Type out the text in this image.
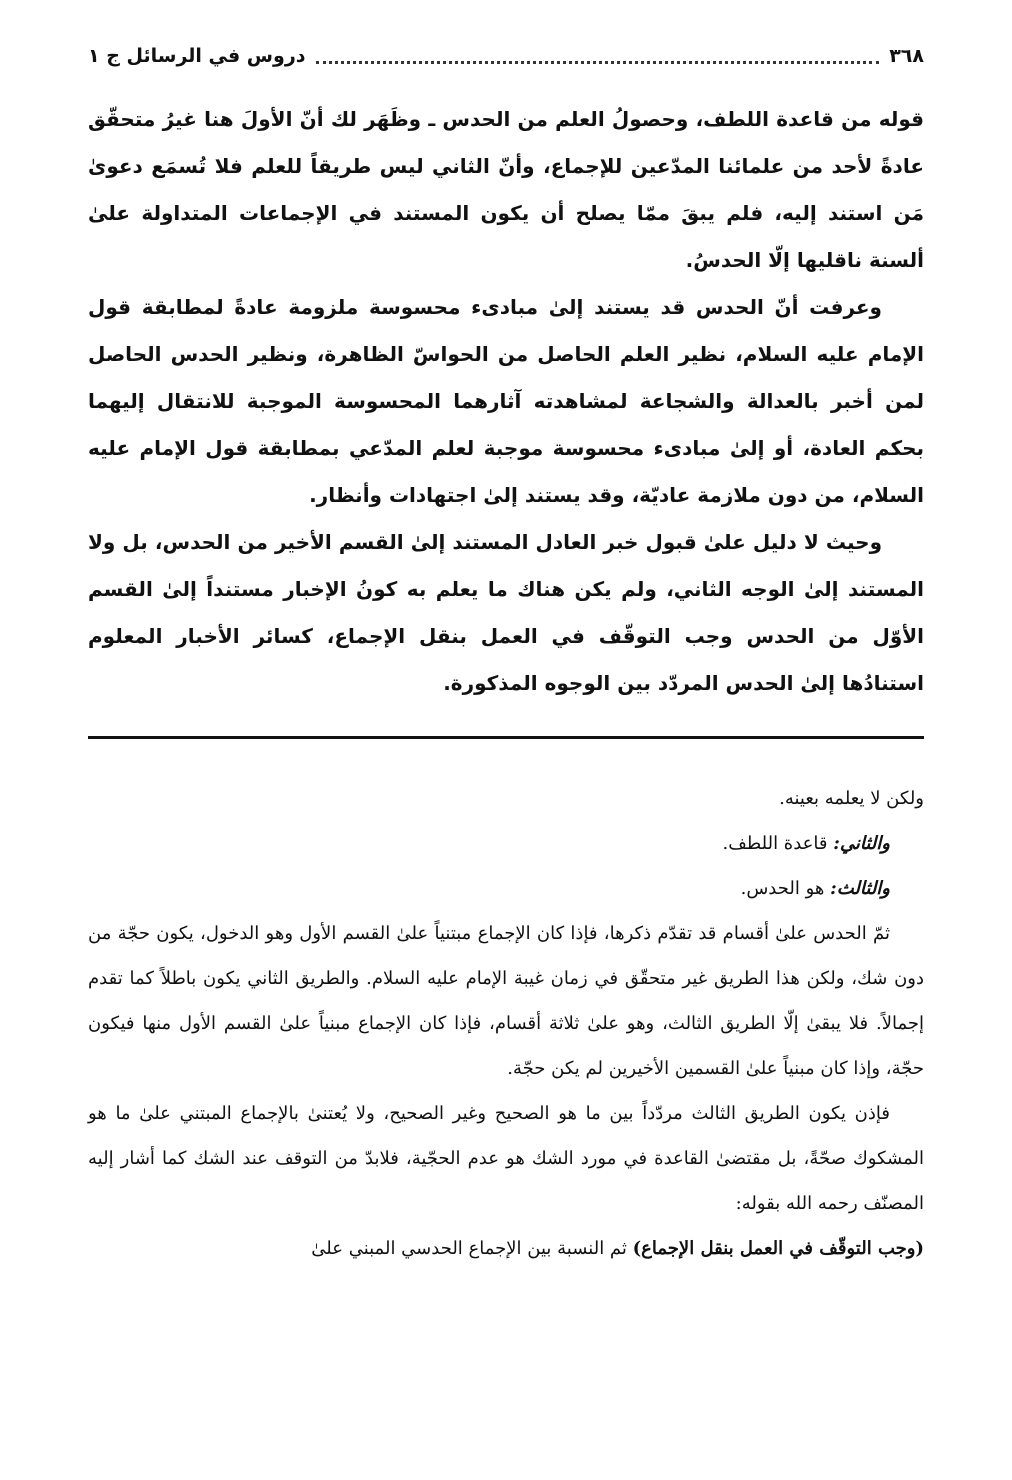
٣٦٨
دروس في الرسائل ج ١

قوله من قاعدة اللطف، وحصولُ العلم من الحدس ـ وظَهَر لك أنّ الأولَ هنا غيرُ متحقّق عادةً لأحد من علمائنا المدّعين للإجماع، وأنّ الثاني ليس طريقاً للعلم فلا تُسمَع دعوىٰ مَن استند إليه، فلم يبقَ ممّا يصلح أن يكون المستند في الإجماعات المتداولة علىٰ ألسنة ناقليها إلّا الحدسُ.

وعرفت أنّ الحدس قد يستند إلىٰ مبادىء محسوسة ملزومة عادةً لمطابقة قول الإمام عليه السلام، نظير العلم الحاصل من الحواسّ الظاهرة، ونظير الحدس الحاصل لمن أخبر بالعدالة والشجاعة لمشاهدته آثارهما المحسوسة الموجبة للانتقال إليهما بحكم العادة، أو إلىٰ مبادىء محسوسة موجبة لعلم المدّعي بمطابقة قول الإمام عليه السلام، من دون ملازمة عاديّة، وقد يستند إلىٰ اجتهادات وأنظار.

وحيث لا دليل علىٰ قبول خبر العادل المستند إلىٰ القسم الأخير من الحدس، بل ولا المستند إلىٰ الوجه الثاني، ولم يكن هناك ما يعلم به كونُ الإخبار مستنداً إلىٰ القسم الأوّل من الحدس وجب التوقّف في العمل بنقل الإجماع، كسائر الأخبار المعلوم استنادُها إلىٰ الحدس المردّد بين الوجوه المذكورة.

ولكن لا يعلمه بعينه.

والثاني: قاعدة اللطف.

والثالث: هو الحدس.

ثمّ الحدس علىٰ أقسام قد تقدّم ذكرها، فإذا كان الإجماع مبتنياً علىٰ القسم الأول وهو الدخول، يكون حجّة من دون شك، ولكن هذا الطريق غير متحقّق في زمان غيبة الإمام عليه السلام. والطريق الثاني يكون باطلاً كما تقدم إجمالاً. فلا يبقىٰ إلّا الطريق الثالث، وهو علىٰ ثلاثة أقسام، فإذا كان الإجماع مبنياً علىٰ القسم الأول منها فيكون حجّة، وإذا كان مبنياً علىٰ القسمين الأخيرين لم يكن حجّة.

فإذن يكون الطريق الثالث مردّداً بين ما هو الصحيح وغير الصحيح، ولا يُعتنىٰ بالإجماع المبتني علىٰ ما هو المشكوك صحّةً، بل مقتضىٰ القاعدة في مورد الشك هو عدم الحجّية، فلابدّ من التوقف عند الشك كما أشار إليه المصنّف رحمه الله بقوله:

(وجب التوقّف في العمل بنقل الإجماع) ثم النسبة بين الإجماع الحدسي المبني علىٰ
